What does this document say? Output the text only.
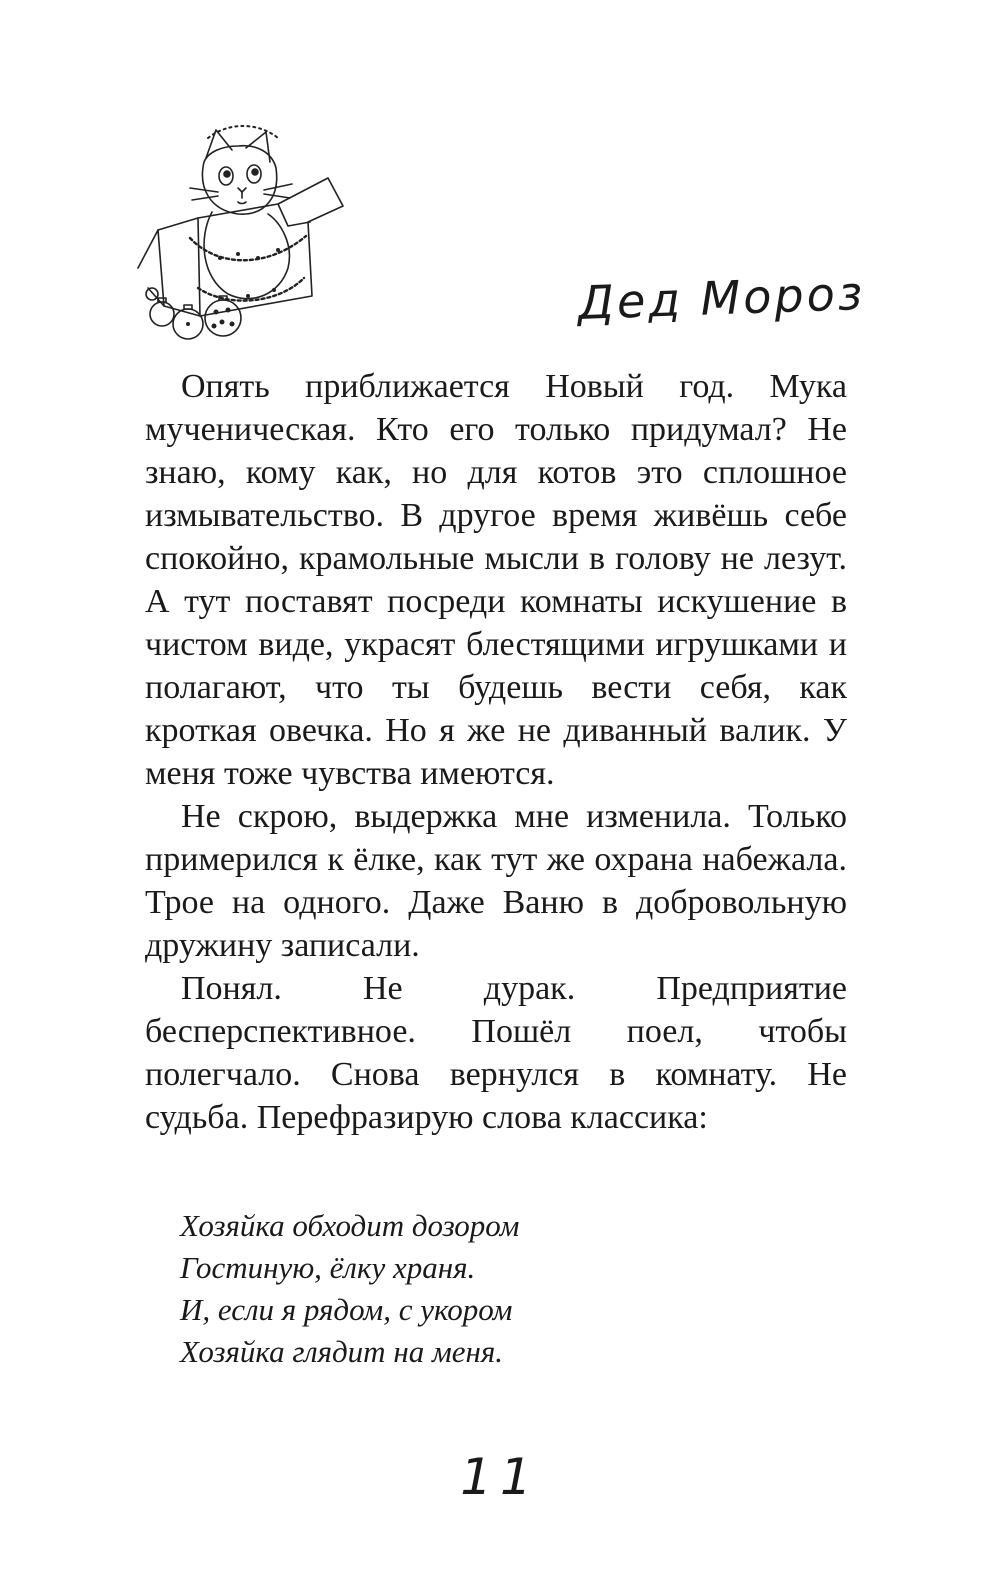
Дед Мороз

Опять приближается Новый год. Мука мученическая. Кто его только придумал? Не знаю, кому как, но для котов это сплошное измывательство. В другое время живёшь себе спокойно, крамольные мысли в голову не лезут. А тут поставят посреди комнаты искушение в чистом виде, украсят блестящими игрушками и полагают, что ты будешь вести себя, как кроткая овечка. Но я же не диванный валик. У меня тоже чувства имеются.

Не скрою, выдержка мне изменила. Только примерился к ёлке, как тут же охрана набежала. Трое на одного. Даже Ваню в добровольную дружину записали.

Понял. Не дурак. Предприятие бесперспективное. Пошёл поел, чтобы полегчало. Снова вернулся в комнату. Не судьба. Перефразирую слова классика:

Хозяйка обходит дозором
Гостиную, ёлку храня.
И, если я рядом, с укором
Хозяйка глядит на меня.
11
